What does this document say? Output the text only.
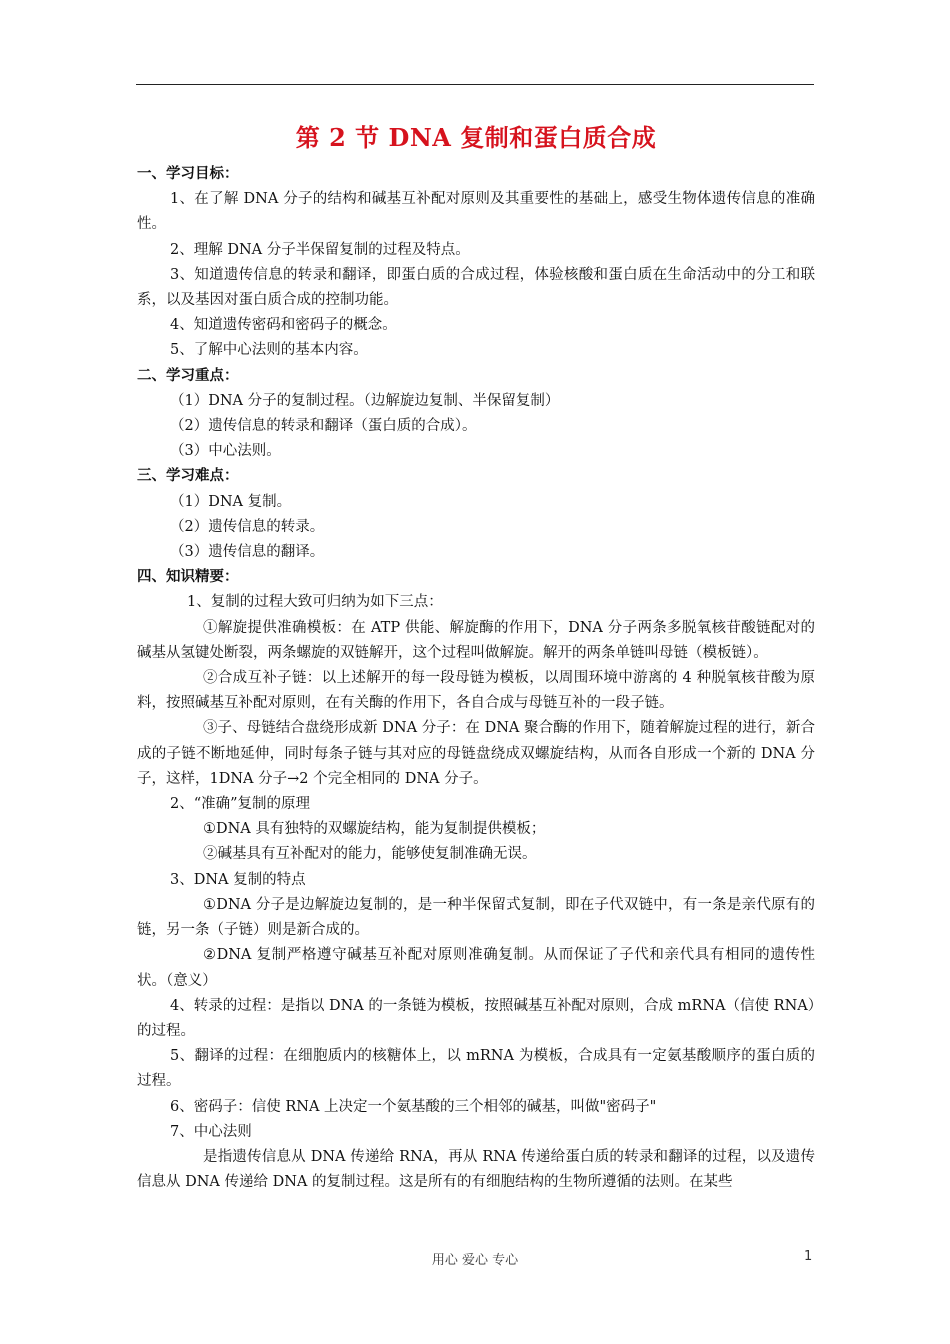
第 2 节 DNA 复制和蛋白质合成
一、学习目标：
1、在了解 DNA 分子的结构和碱基互补配对原则及其重要性的基础上，感受生物体遗传信息的准确性。
2、理解 DNA 分子半保留复制的过程及特点。
3、知道遗传信息的转录和翻译，即蛋白质的合成过程，体验核酸和蛋白质在生命活动中的分工和联系，以及基因对蛋白质合成的控制功能。
4、知道遗传密码和密码子的概念。
5、了解中心法则的基本内容。
二、学习重点：
（1）DNA 分子的复制过程。（边解旋边复制、半保留复制）
（2）遗传信息的转录和翻译（蛋白质的合成）。
（3）中心法则。
三、学习难点：
（1）DNA 复制。
（2）遗传信息的转录。
（3）遗传信息的翻译。
四、知识精要：
1、复制的过程大致可归纳为如下三点：
①解旋提供准确模板：在 ATP 供能、解旋酶的作用下，DNA 分子两条多脱氧核苷酸链配对的碱基从氢键处断裂，两条螺旋的双链解开，这个过程叫做解旋。解开的两条单链叫母链（模板链）。
②合成互补子链：以上述解开的每一段母链为模板，以周围环境中游离的 4 种脱氧核苷酸为原料，按照碱基互补配对原则，在有关酶的作用下，各自合成与母链互补的一段子链。
③子、母链结合盘绕形成新 DNA 分子：在 DNA 聚合酶的作用下，随着解旋过程的进行，新合成的子链不断地延伸，同时每条子链与其对应的母链盘绕成双螺旋结构，从而各自形成一个新的 DNA 分子，这样，1DNA 分子→2 个完全相同的 DNA 分子。
2、“准确”复制的原理
①DNA 具有独特的双螺旋结构，能为复制提供模板；
②碱基具有互补配对的能力，能够使复制准确无误。
3、DNA 复制的特点
①DNA 分子是边解旋边复制的，是一种半保留式复制，即在子代双链中，有一条是亲代原有的链，另一条（子链）则是新合成的。
②DNA 复制严格遵守碱基互补配对原则准确复制。从而保证了子代和亲代具有相同的遗传性状。（意义）
4、转录的过程：是指以 DNA 的一条链为模板，按照碱基互补配对原则，合成 mRNA（信使 RNA）的过程。
5、翻译的过程：在细胞质内的核糖体上，以 mRNA 为模板，合成具有一定氨基酸顺序的蛋白质的过程。
6、密码子：信使 RNA 上决定一个氨基酸的三个相邻的碱基，叫做"密码子"
7、中心法则
是指遗传信息从 DNA 传递给 RNA，再从 RNA 传递给蛋白质的转录和翻译的过程，以及遗传信息从 DNA 传递给 DNA 的复制过程。这是所有的有细胞结构的生物所遵循的法则。在某些
用心 爱心 专心	1
